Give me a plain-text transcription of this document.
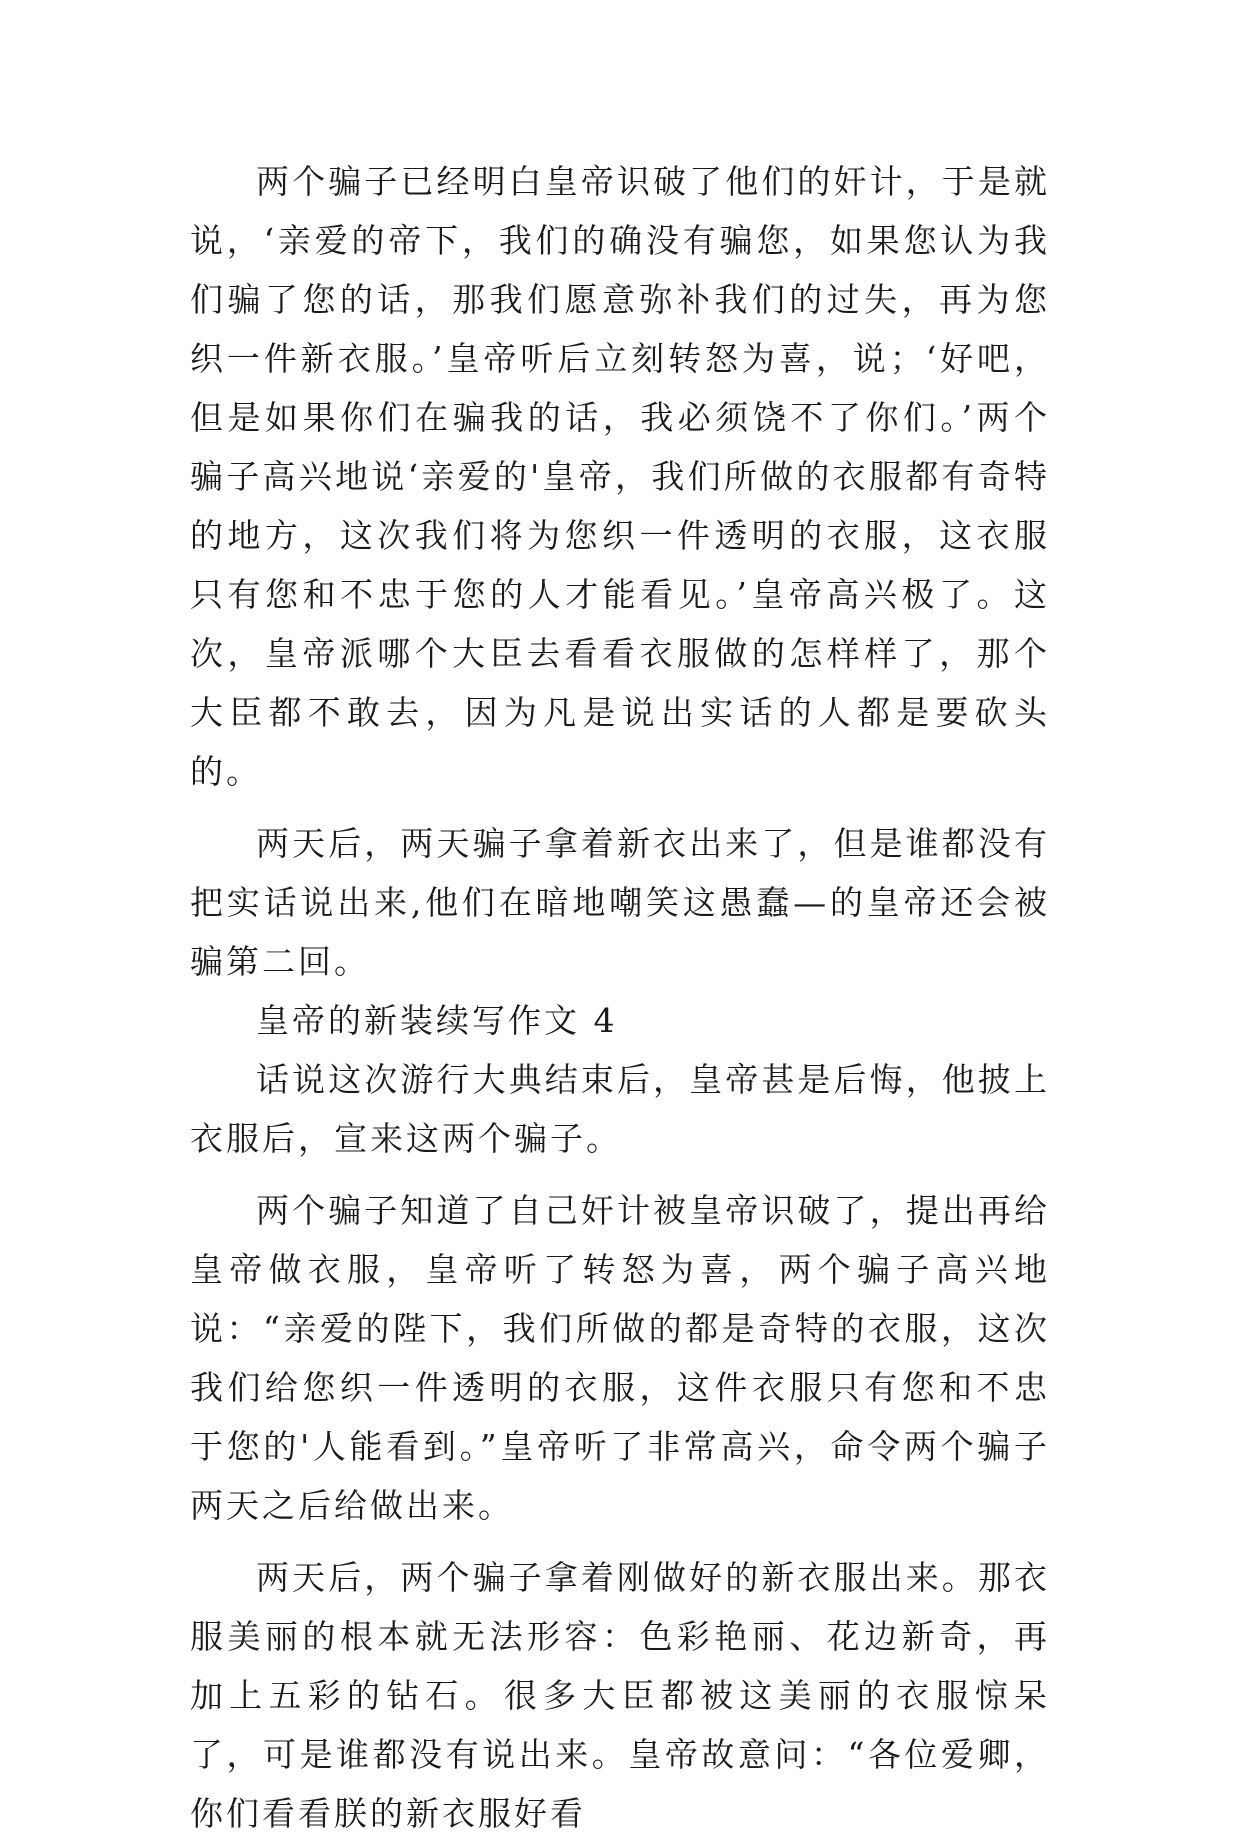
两个骗子已经明白皇帝识破了他们的奸计，于是就说，‘亲爱的帝下，我们的确没有骗您，如果您认为我们骗了您的话，那我们愿意弥补我们的过失，再为您织一件新衣服。’皇帝听后立刻转怒为喜，说；‘好吧，但是如果你们在骗我的话，我必须饶不了你们。’两个骗子高兴地说‘亲爱的'皇帝，我们所做的衣服都有奇特的地方，这次我们将为您织一件透明的衣服，这衣服只有您和不忠于您的人才能看见。’皇帝高兴极了。这次，皇帝派哪个大臣去看看衣服做的怎样样了，那个大臣都不敢去，因为凡是说出实话的人都是要砍头的。

两天后，两天骗子拿着新衣出来了，但是谁都没有把实话说出来,他们在暗地嘲笑这愚蠢—的皇帝还会被骗第二回。

皇帝的新装续写作文 4

话说这次游行大典结束后，皇帝甚是后悔，他披上衣服后，宣来这两个骗子。

两个骗子知道了自己奸计被皇帝识破了，提出再给皇帝做衣服，皇帝听了转怒为喜，两个骗子高兴地说：“亲爱的陛下，我们所做的都是奇特的衣服，这次我们给您织一件透明的衣服，这件衣服只有您和不忠于您的'人能看到。”皇帝听了非常高兴，命令两个骗子两天之后给做出来。

两天后，两个骗子拿着刚做好的新衣服出来。那衣服美丽的根本就无法形容：色彩艳丽、花边新奇，再加上五彩的钻石。很多大臣都被这美丽的衣服惊呆了，可是谁都没有说出来。皇帝故意问：“各位爱卿，你们看看朕的新衣服好看
